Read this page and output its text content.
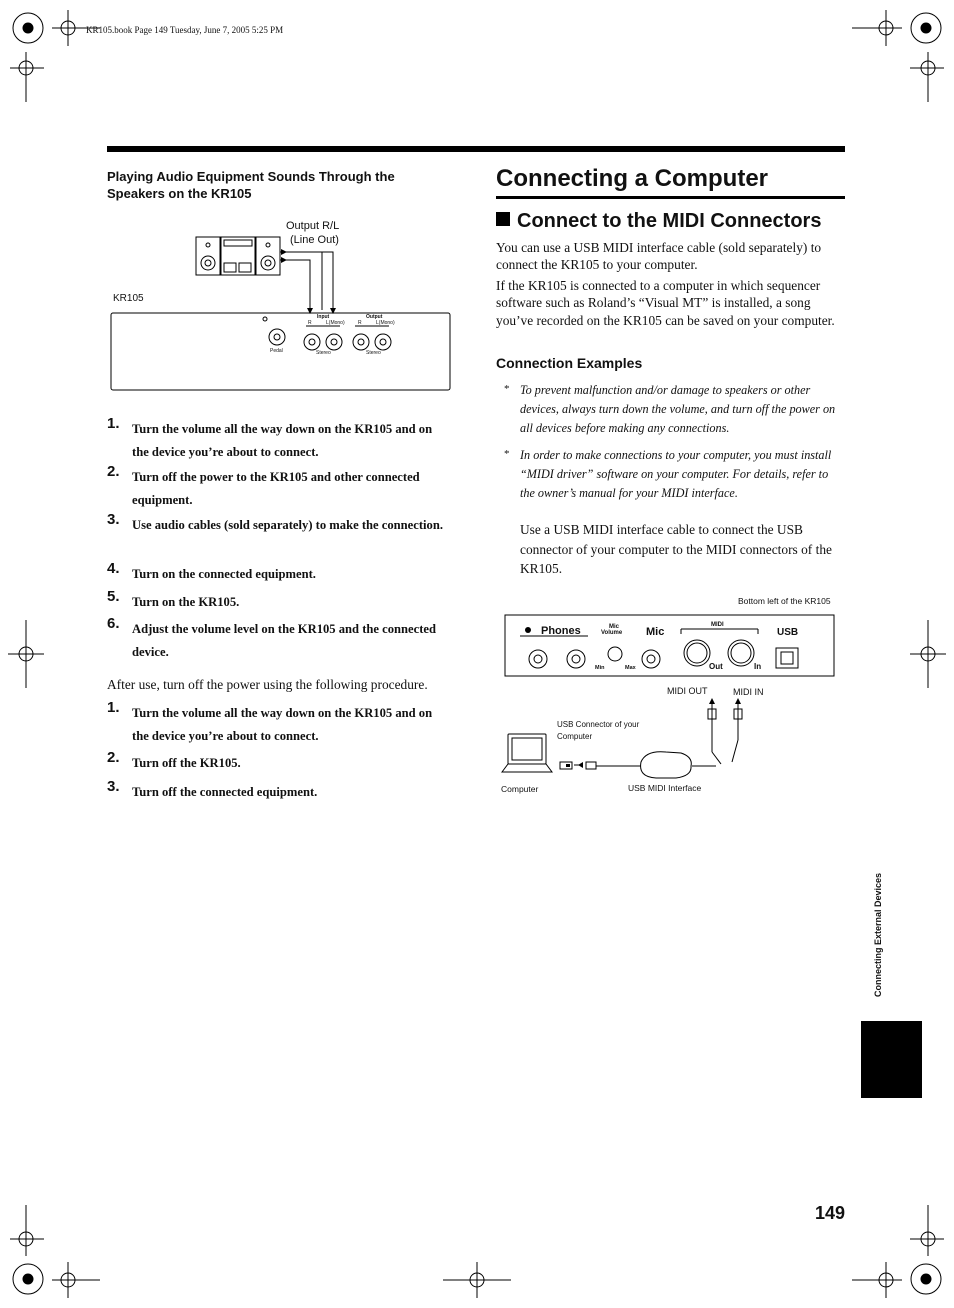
KR105.book Page 149 Tuesday, June 7, 2005 5:25 PM
Playing Audio Equipment Sounds Through the Speakers on the KR105
Output R/L
(Line Out)
KR105
Input	Output
R	L(Mono)	R	L(Mono)
Stereo	Stereo
Pedal
1. Turn the volume all the way down on the KR105 and on the device you’re about to connect.
2. Turn off the power to the KR105 and other connected equipment.
3. Use audio cables (sold separately) to make the connection.
4. Turn on the connected equipment.
5. Turn on the KR105.
6. Adjust the volume level on the KR105 and the connected device.
After use, turn off the power using the following procedure.
1. Turn the volume all the way down on the KR105 and on the device you’re about to connect.
2. Turn off the KR105.
3. Turn off the connected equipment.
Connecting a Computer
Connect to the MIDI Connectors
You can use a USB MIDI interface cable (sold separately) to connect the KR105 to your computer.
If the KR105 is connected to a computer in which sequencer software such as Roland’s “Visual MT” is installed, a song you’ve recorded on the KR105 can be saved on your computer.
Connection Examples
* To prevent malfunction and/or damage to speakers or other devices, always turn down the volume, and turn off the power on all devices before making any connections.
* In order to make connections to your computer, you must install “MIDI driver” software on your computer. For details, refer to the owner’s manual for your MIDI interface.
Use a USB MIDI interface cable to connect the USB connector of your computer to the MIDI connectors of the KR105.
Bottom left of the KR105
Phones	Mic
Volume Mic
Min	Max
MIDI
Out	In
USB
MIDI OUT	MIDI IN
USB Connector of your Computer
Computer	USB MIDI Interface
Connecting External Devices
149
